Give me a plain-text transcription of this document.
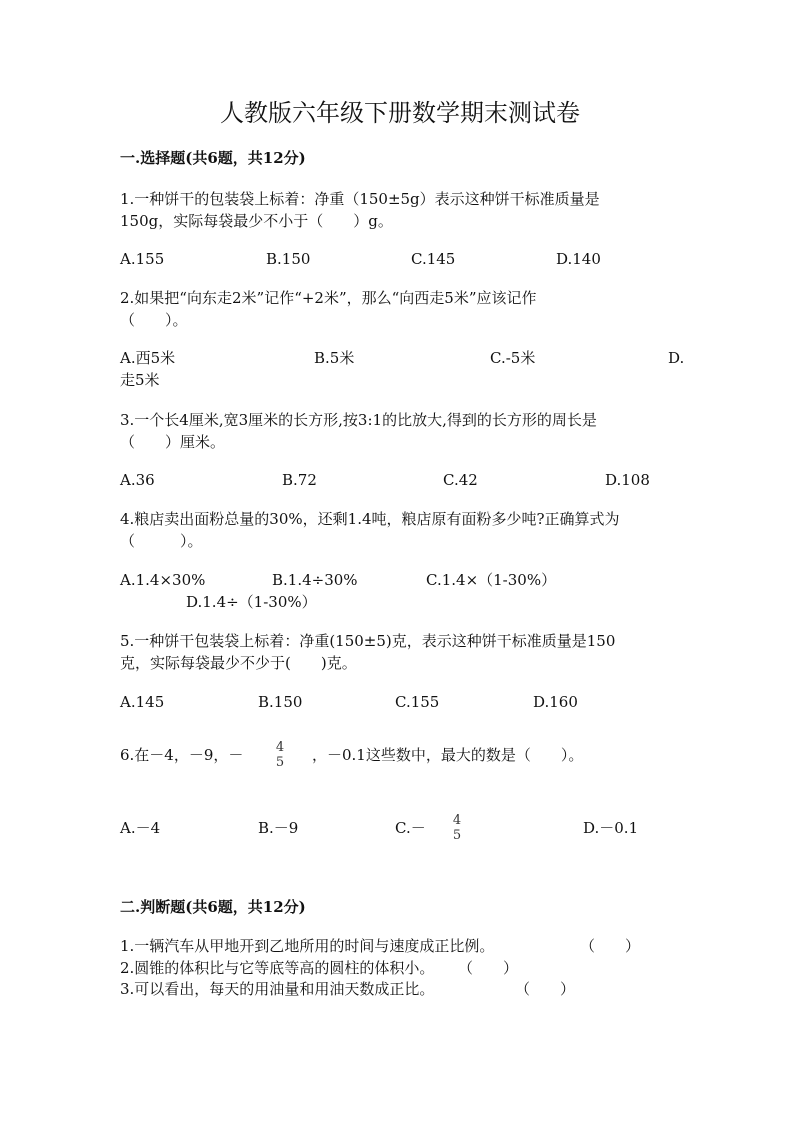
人教版六年级下册数学期末测试卷
一.选择题(共6题，共12分)
1.一种饼干的包装袋上标着：净重（150±5g）表示这种饼干标准质量是
150g，实际每袋最少不小于（　　）g。
A.155	B.150	C.145	D.140
2.如果把“向东走2米”记作“+2米”，那么“向西走5米”应该记作
（　　）。
A.西5米	B.5米	C.-5米	D.
走5米
3.一个长4厘米,宽3厘米的长方形,按3:1的比放大,得到的长方形的周长是
（　　）厘米。
A.36	B.72	C.42	D.108
4.粮店卖出面粉总量的30%，还剩1.4吨，粮店原有面粉多少吨?正确算式为
（　　　）。
A.1.4×30%	B.1.4÷30%	C.1.4×（1-30%）
D.1.4÷（1-30%）
5.一种饼干包装袋上标着：净重(150±5)克，表示这种饼干标准质量是150
克，实际每袋最少不少于(　　)克。
A.145	B.150	C.155	D.160
6.在－4，－9，－	4
5	，－0.1这些数中，最大的数是（　　）。
A.－4	B.－9	C.－	4
5	D.－0.1
二.判断题(共6题，共12分)
1.一辆汽车从甲地开到乙地所用的时间与速度成正比例。	（　　）
2.圆锥的体积比与它等底等高的圆柱的体积小。 （　　）
3.可以看出，每天的用油量和用油天数成正比。	（　　）
